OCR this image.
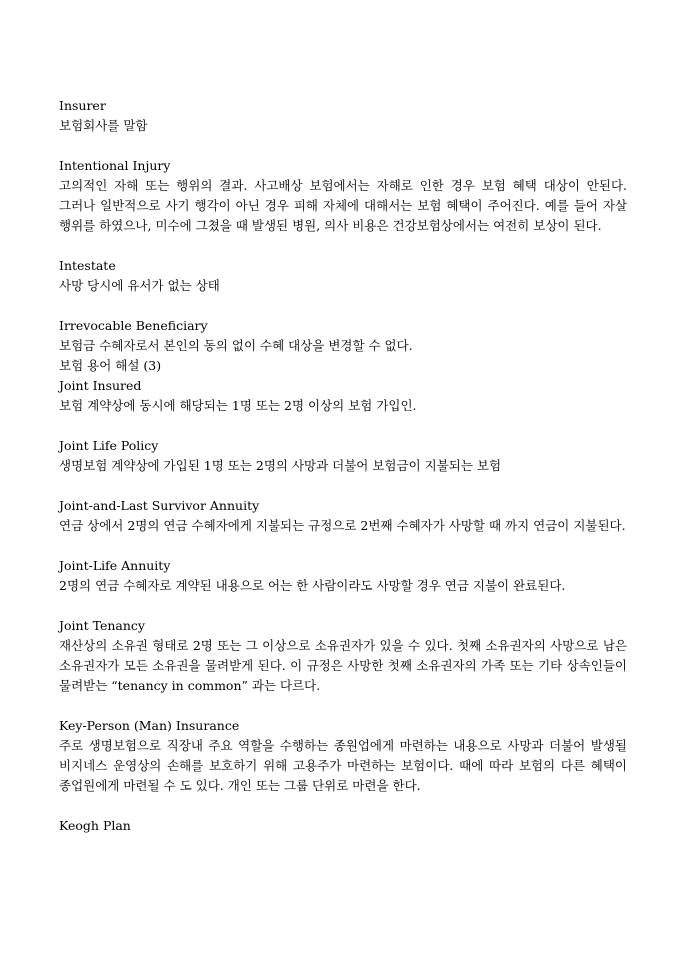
Insurer
보험회사를 말함
Intentional Injury
고의적인 자해 또는 행위의 결과. 사고배상 보험에서는 자해로 인한 경우 보험 혜택 대상이 안된다. 그러나 일반적으로 사기 행각이 아닌 경우 피해 자체에 대해서는 보험 혜택이 주어진다. 예를 들어 자살 행위를 하였으나, 미수에 그쳤을 때 발생된 병원, 의사 비용은 건강보험상에서는 여전히 보상이 된다.
Intestate
사망 당시에 유서가 없는 상태
Irrevocable Beneficiary
보험금 수혜자로서 본인의 동의 없이 수혜 대상을 변경할 수 없다.
보험 용어 해설 (3)
Joint Insured
보험 계약상에 동시에 해당되는 1명 또는 2명 이상의 보험 가입인.
Joint Life Policy
생명보험 계약상에 가입된 1명 또는 2명의 사망과 더불어 보험금이 지불되는 보험
Joint-and-Last Survivor Annuity
연금 상에서 2명의 연금 수혜자에게 지불되는 규정으로 2번째 수혜자가 사망할 때 까지 연금이 지불된다.
Joint-Life Annuity
2명의 연금 수혜자로 계약된 내용으로 어는 한 사람이라도 사망할 경우 연금 지불이 완료된다.
Joint Tenancy
재산상의 소유권 형태로 2명 또는 그 이상으로 소유권자가 있을 수 있다. 첫째 소유권자의 사망으로 남은 소유권자가 모든 소유권을 물려받게 된다. 이 규정은 사망한 첫째 소유권자의 가족 또는 기타 상속인들이 물려받는 “tenancy in common” 과는 다르다.
Key-Person (Man) Insurance
주로 생명보험으로 직장내 주요 역할을 수행하는 종원업에게 마련하는 내용으로 사망과 더불어 발생될 비지네스 운영상의 손해를 보호하기 위해 고용주가 마련하는 보험이다. 때에 따라 보험의 다른 혜택이 종업원에게 마련될 수 도 있다. 개인 또는 그룹 단위로 마련을 한다.
Keogh Plan
